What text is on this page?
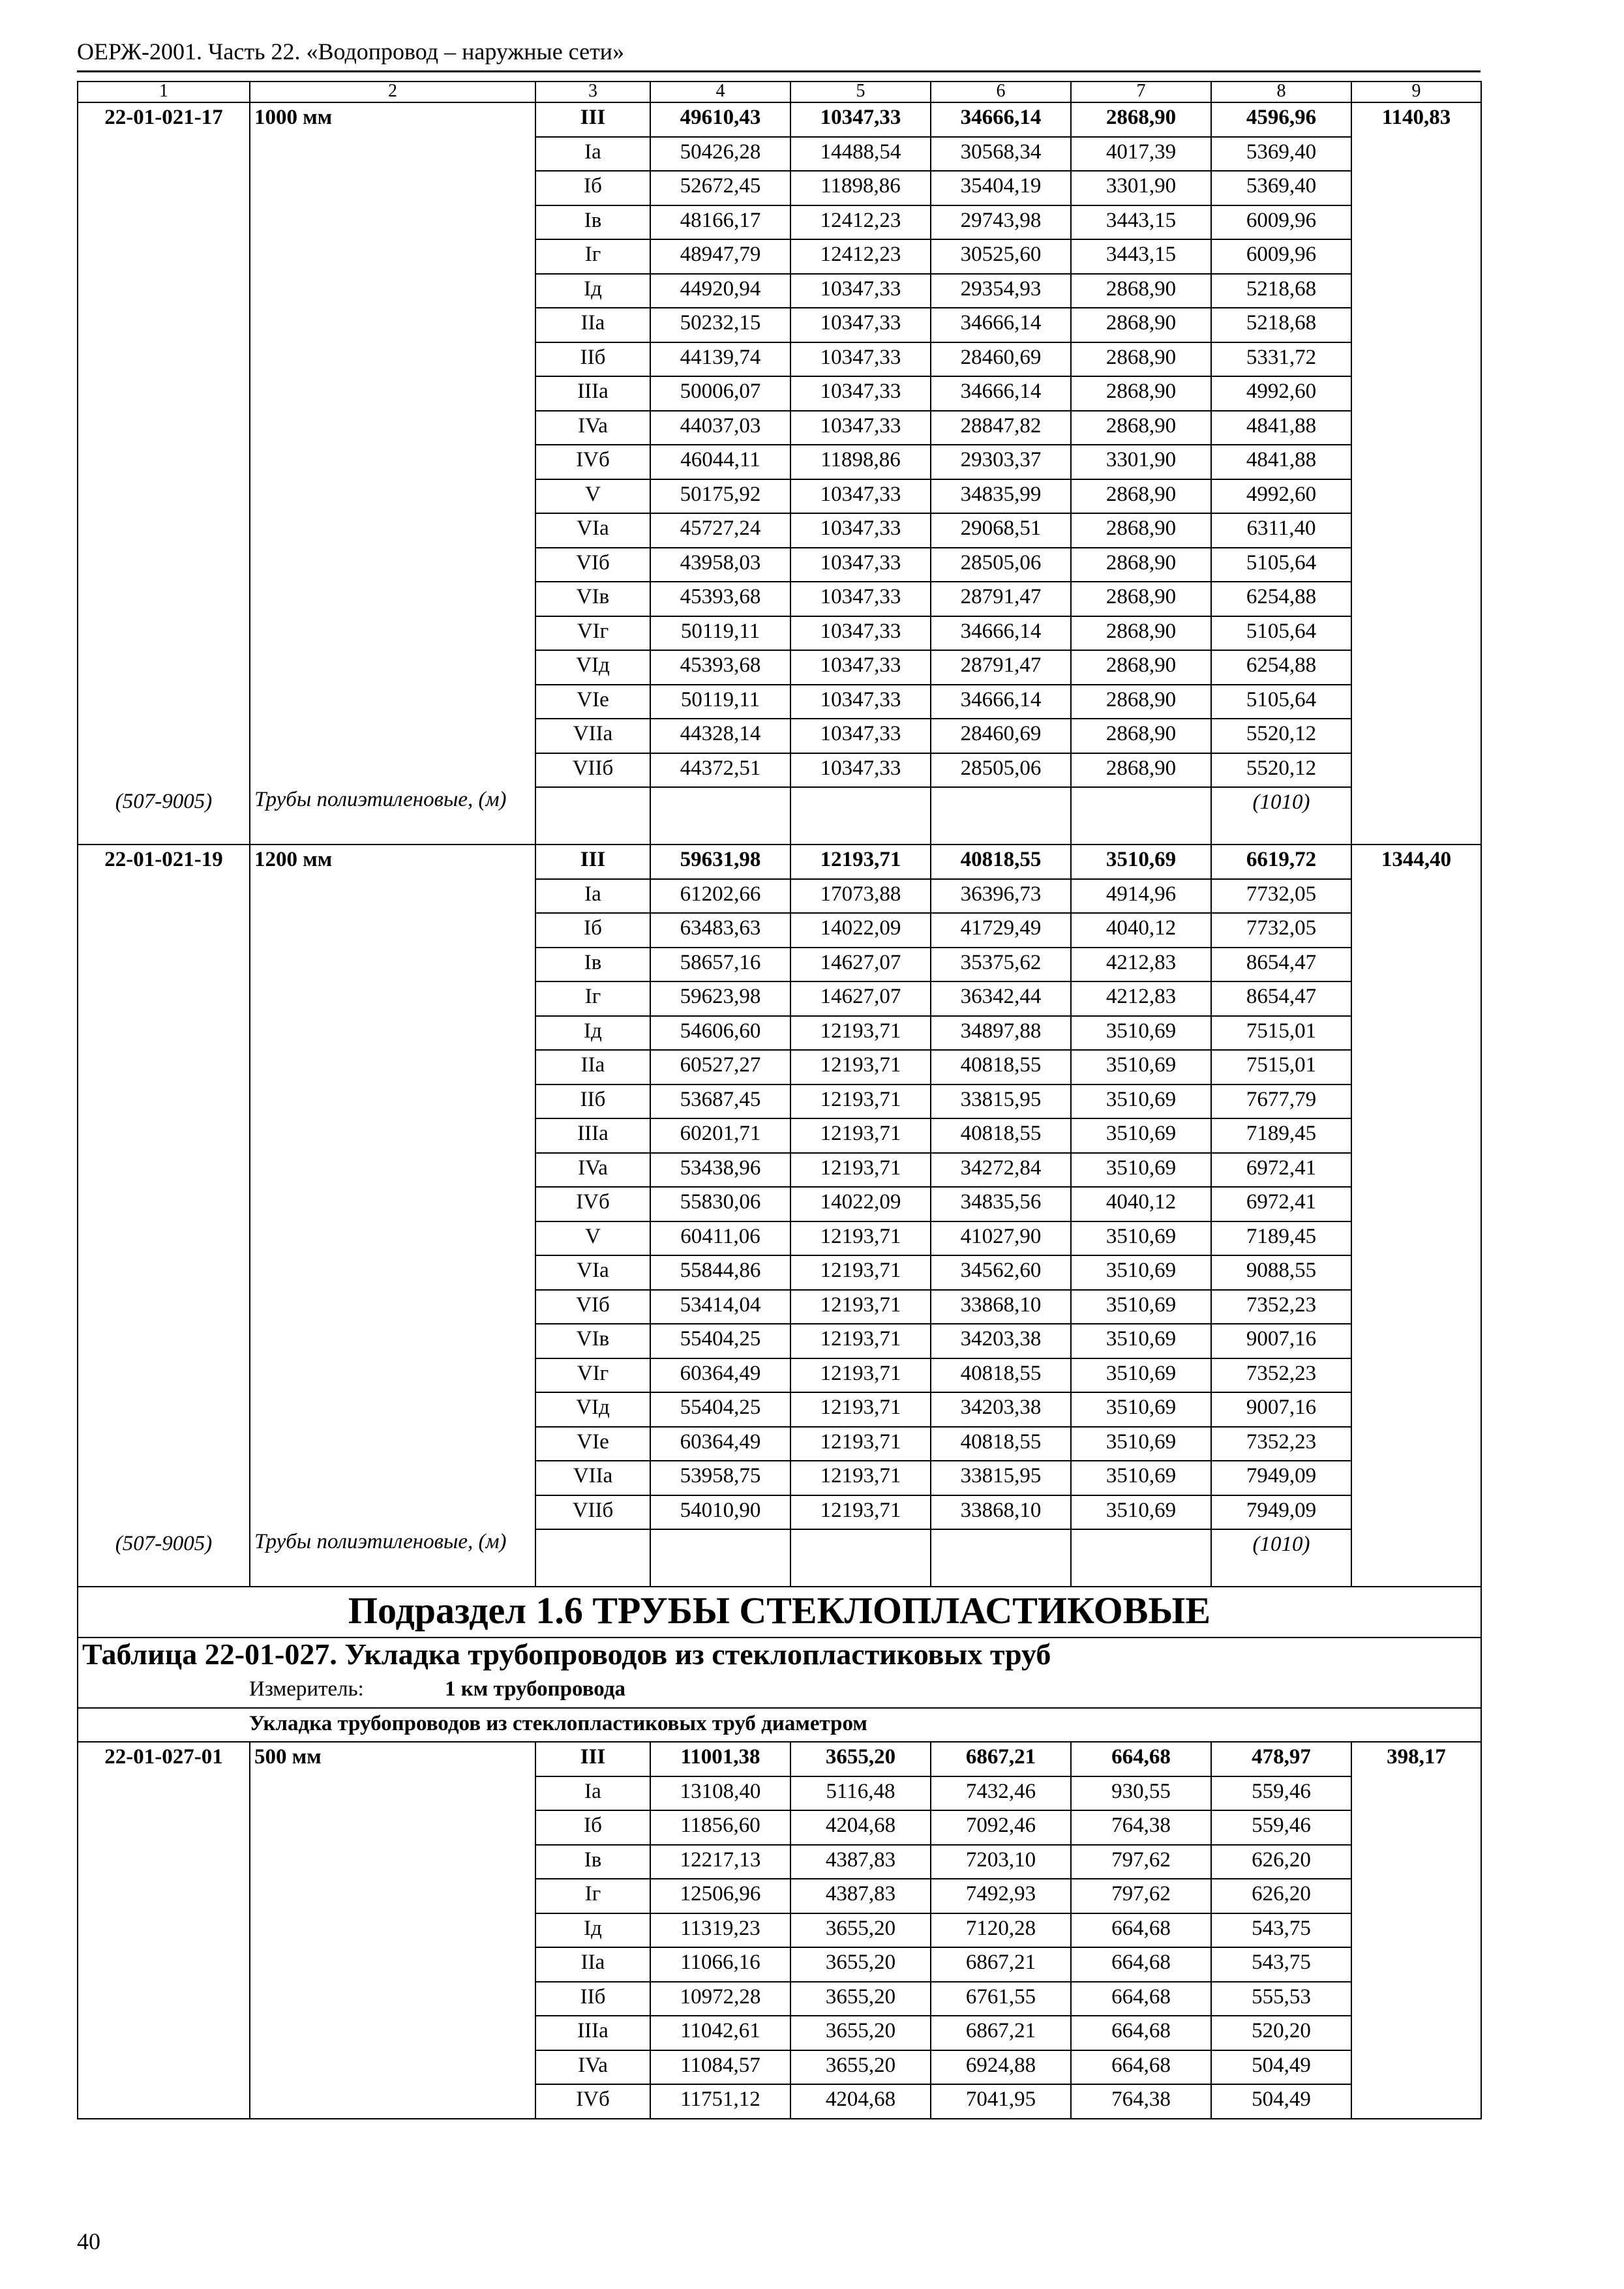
ОЕРЖ-2001. Часть 22. «Водопровод – наружные сети»
1	2	3	4	5	6	7	8	9
22-01-021-17	1000 мм	III	49610,43	10347,33	34666,14	2868,90	4596,96	1140,83
		Ia	50426,28	14488,54	30568,34	4017,39	5369,40	
		Iб	52672,45	11898,86	35404,19	3301,90	5369,40	
		Iв	48166,17	12412,23	29743,98	3443,15	6009,96	
		Iг	48947,79	12412,23	30525,60	3443,15	6009,96	
		Iд	44920,94	10347,33	29354,93	2868,90	5218,68	
		IIa	50232,15	10347,33	34666,14	2868,90	5218,68	
		IIб	44139,74	10347,33	28460,69	2868,90	5331,72	
		IIIa	50006,07	10347,33	34666,14	2868,90	4992,60	
		IVa	44037,03	10347,33	28847,82	2868,90	4841,88	
		IVб	46044,11	11898,86	29303,37	3301,90	4841,88	
		V	50175,92	10347,33	34835,99	2868,90	4992,60	
		VIa	45727,24	10347,33	29068,51	2868,90	6311,40	
		VIб	43958,03	10347,33	28505,06	2868,90	5105,64	
		VIв	45393,68	10347,33	28791,47	2868,90	6254,88	
		VIг	50119,11	10347,33	34666,14	2868,90	5105,64	
		VIд	45393,68	10347,33	28791,47	2868,90	6254,88	
		VIe	50119,11	10347,33	34666,14	2868,90	5105,64	
		VIIa	44328,14	10347,33	28460,69	2868,90	5520,12	
		VIIб	44372,51	10347,33	28505,06	2868,90	5520,12	
(507-9005)	Трубы полиэтиленовые, (м)						(1010)	
22-01-021-19	1200 мм	III	59631,98	12193,71	40818,55	3510,69	6619,72	1344,40
		Ia	61202,66	17073,88	36396,73	4914,96	7732,05	
		Iб	63483,63	14022,09	41729,49	4040,12	7732,05	
		Iв	58657,16	14627,07	35375,62	4212,83	8654,47	
		Iг	59623,98	14627,07	36342,44	4212,83	8654,47	
		Iд	54606,60	12193,71	34897,88	3510,69	7515,01	
		IIa	60527,27	12193,71	40818,55	3510,69	7515,01	
		IIб	53687,45	12193,71	33815,95	3510,69	7677,79	
		IIIa	60201,71	12193,71	40818,55	3510,69	7189,45	
		IVa	53438,96	12193,71	34272,84	3510,69	6972,41	
		IVб	55830,06	14022,09	34835,56	4040,12	6972,41	
		V	60411,06	12193,71	41027,90	3510,69	7189,45	
		VIa	55844,86	12193,71	34562,60	3510,69	9088,55	
		VIб	53414,04	12193,71	33868,10	3510,69	7352,23	
		VIв	55404,25	12193,71	34203,38	3510,69	9007,16	
		VIг	60364,49	12193,71	40818,55	3510,69	7352,23	
		VIд	55404,25	12193,71	34203,38	3510,69	9007,16	
		VIe	60364,49	12193,71	40818,55	3510,69	7352,23	
		VIIa	53958,75	12193,71	33815,95	3510,69	7949,09	
		VIIб	54010,90	12193,71	33868,10	3510,69	7949,09	
(507-9005)	Трубы полиэтиленовые, (м)						(1010)	
Подраздел 1.6 ТРУБЫ СТЕКЛОПЛАСТИКОВЫЕ								
Таблица 22-01-027. Укладка трубопроводов из стеклопластиковых труб								
Измеритель: 1 км трубопровода								
Укладка трубопроводов из стеклопластиковых труб диаметром								
22-01-027-01	500 мм	III	11001,38	3655,20	6867,21	664,68	478,97	398,17
		Ia	13108,40	5116,48	7432,46	930,55	559,46	
		Iб	11856,60	4204,68	7092,46	764,38	559,46	
		Iв	12217,13	4387,83	7203,10	797,62	626,20	
		Iг	12506,96	4387,83	7492,93	797,62	626,20	
		Iд	11319,23	3655,20	7120,28	664,68	543,75	
		IIa	11066,16	3655,20	6867,21	664,68	543,75	
		IIб	10972,28	3655,20	6761,55	664,68	555,53	
		IIIa	11042,61	3655,20	6867,21	664,68	520,20	
		IVa	11084,57	3655,20	6924,88	664,68	504,49	
		IVб	11751,12	4204,68	7041,95	764,38	504,49	
40
